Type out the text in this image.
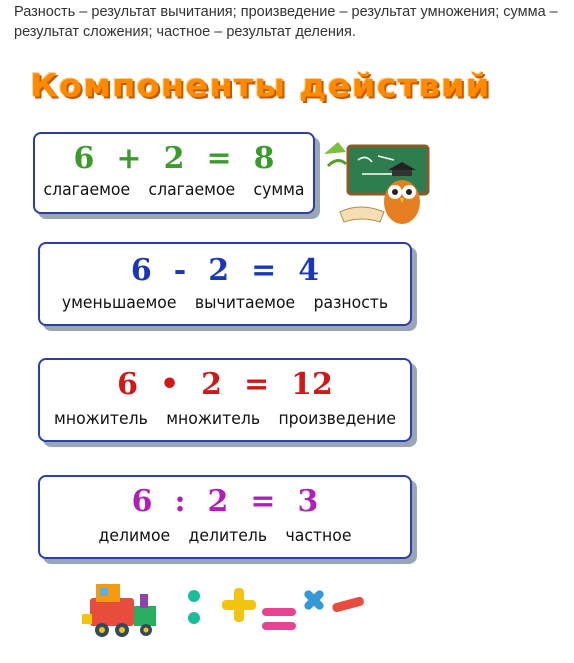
Разность – результат вычитания; произведение – результат умножения; сумма – результат сложения; частное – результат деления.
Компоненты действий
6 + 2 = 8
слагаемое слагаемое сумма
6 - 2 = 4
уменьшаемое вычитаемое разность
6 • 2 = 12
множитель множитель произведение
6 : 2 = 3
делимое делитель частное
